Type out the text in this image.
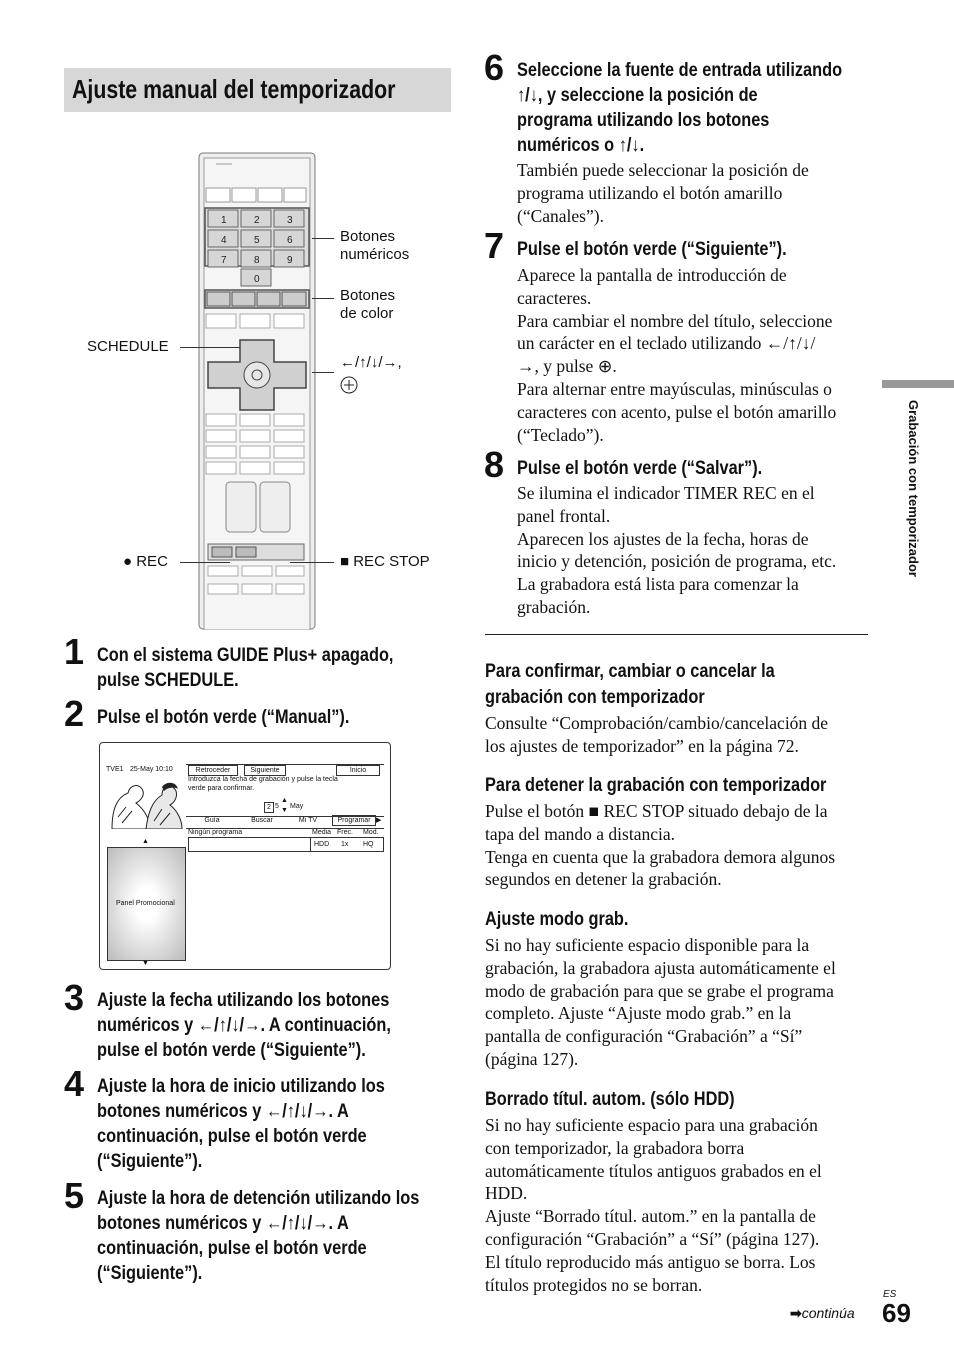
Ajuste manual del temporizador
1	2	3
4	5	6
7	8	9
0
Botones
numéricos
Botones
de color
SCHEDULE
←/↑/↓/→,
● REC	■ REC STOP
1 Con el sistema GUIDE Plus+ apagado,
pulse SCHEDULE.
2 Pulse el botón verde (“Manual”).
TVE1 25-May 10:10	Retroceder	Siguiente	Inicio
Introduzca la fecha de grabación y pulse la tecla
verde para confirmar.
2 5
▲
▼
May
Guía	Buscar	Mi TV	Programar ▶
Ningún programa	Media Frec. Mod.
HDD 1x HQ
▲
Panel Promocional
▼
3 Ajuste la fecha utilizando los botones
numéricos y ←/↑/↓/→. A continuación,
pulse el botón verde (“Siguiente”).
4 Ajuste la hora de inicio utilizando los
botones numéricos y ←/↑/↓/→. A
continuación, pulse el botón verde
(“Siguiente”).
5 Ajuste la hora de detención utilizando los
botones numéricos y ←/↑/↓/→. A
continuación, pulse el botón verde
(“Siguiente”).
6 Seleccione la fuente de entrada utilizando
↑/↓, y seleccione la posición de
programa utilizando los botones
numéricos o ↑/↓.
También puede seleccionar la posición de
programa utilizando el botón amarillo
(“Canales”).
7 Pulse el botón verde (“Siguiente”).
Aparece la pantalla de introducción de
caracteres.
Para cambiar el nombre del título, seleccione
un carácter en el teclado utilizando ←/↑/↓/
→, y pulse ⊕.
Para alternar entre mayúsculas, minúsculas o
caracteres con acento, pulse el botón amarillo
(“Teclado”).
8 Pulse el botón verde (“Salvar”).
Se ilumina el indicador TIMER REC en el
panel frontal.
Aparecen los ajustes de la fecha, horas de
inicio y detención, posición de programa, etc.
La grabadora está lista para comenzar la
grabación.
Para confirmar, cambiar o cancelar la
grabación con temporizador
Consulte “Comprobación/cambio/cancelación de
los ajustes de temporizador” en la página 72.
Para detener la grabación con temporizador
Pulse el botón ■ REC STOP situado debajo de la
tapa del mando a distancia.
Tenga en cuenta que la grabadora demora algunos
segundos en detener la grabación.
Ajuste modo grab.
Si no hay suficiente espacio disponible para la
grabación, la grabadora ajusta automáticamente el
modo de grabación para que se grabe el programa
completo. Ajuste “Ajuste modo grab.” en la
pantalla de configuración “Grabación” a “Sí”
(página 127).
Borrado títul. autom. (sólo HDD)
Si no hay suficiente espacio para una grabación
con temporizador, la grabadora borra
automáticamente títulos antiguos grabados en el
HDD.
Ajuste “Borrado títul. autom.” en la pantalla de
configuración “Grabación” a “Sí” (página 127).
El título reproducido más antiguo se borra. Los
títulos protegidos no se borran.
Grabación con temporizador
➡continúa
ES
69
